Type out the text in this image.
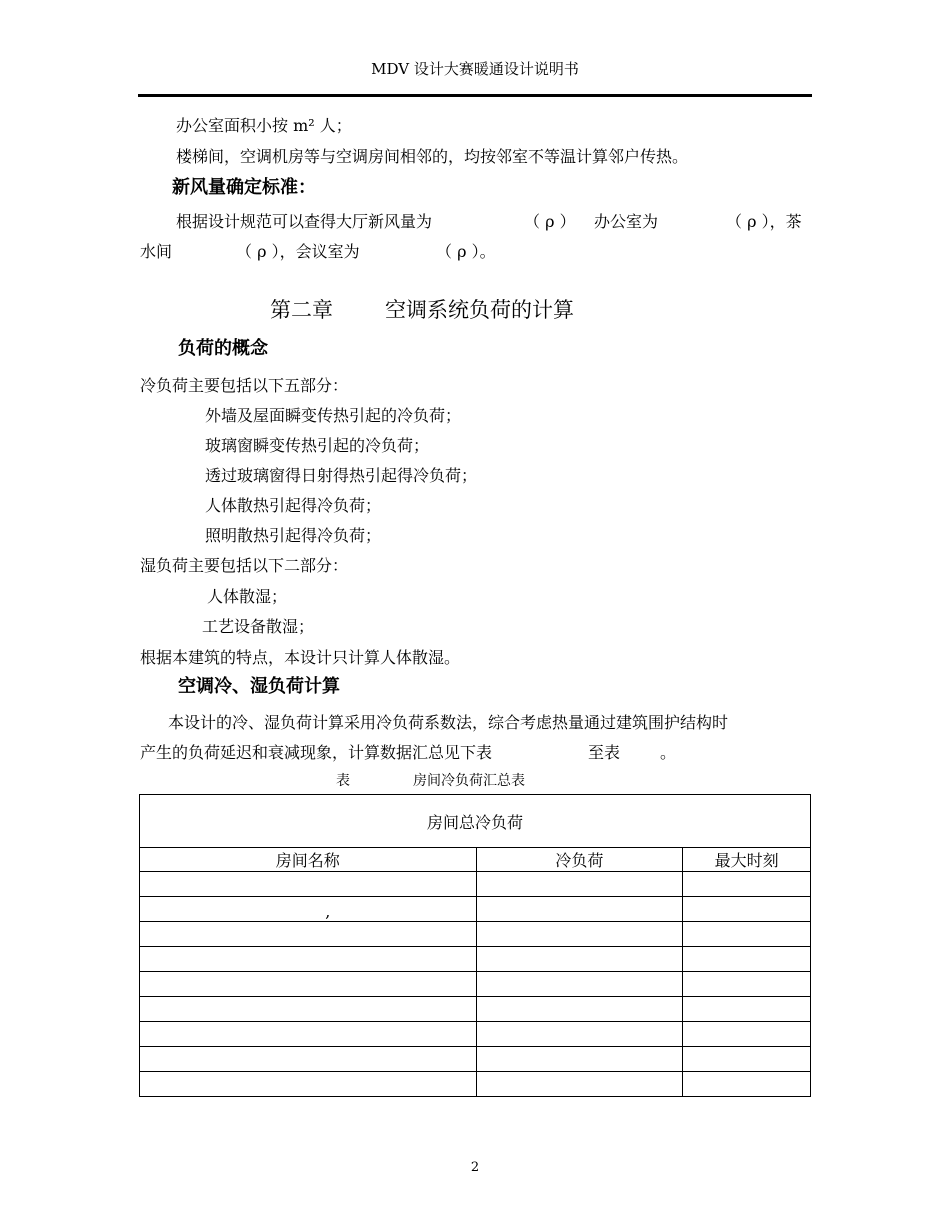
MDV 设计大赛暖通设计说明书
办公室面积小按 m² 人；
楼梯间，空调机房等与空调房间相邻的，均按邻室不等温计算邻户传热。
新风量确定标准：
根据设计规范可以查得大厅新风量为	（ ρ ） 办公室为	（ ρ ），茶
水间	（ ρ ），会议室为	（ ρ ）。
第二章 空调系统负荷的计算
负荷的概念
冷负荷主要包括以下五部分：
外墙及屋面瞬变传热引起的冷负荷；
玻璃窗瞬变传热引起的冷负荷；
透过玻璃窗得日射得热引起得冷负荷；
人体散热引起得冷负荷；
照明散热引起得冷负荷；
湿负荷主要包括以下二部分：
人体散湿；
工艺设备散湿；
根据本建筑的特点，本设计只计算人体散湿。
空调冷、湿负荷计算
本设计的冷、湿负荷计算采用冷负荷系数法，综合考虑热量通过建筑围护结构时
产生的负荷延迟和衰减现象，计算数据汇总见下表	至表 。
表	房间冷负荷汇总表
房间总冷负荷		
房间名称	冷负荷	最大时刻

,		

2
